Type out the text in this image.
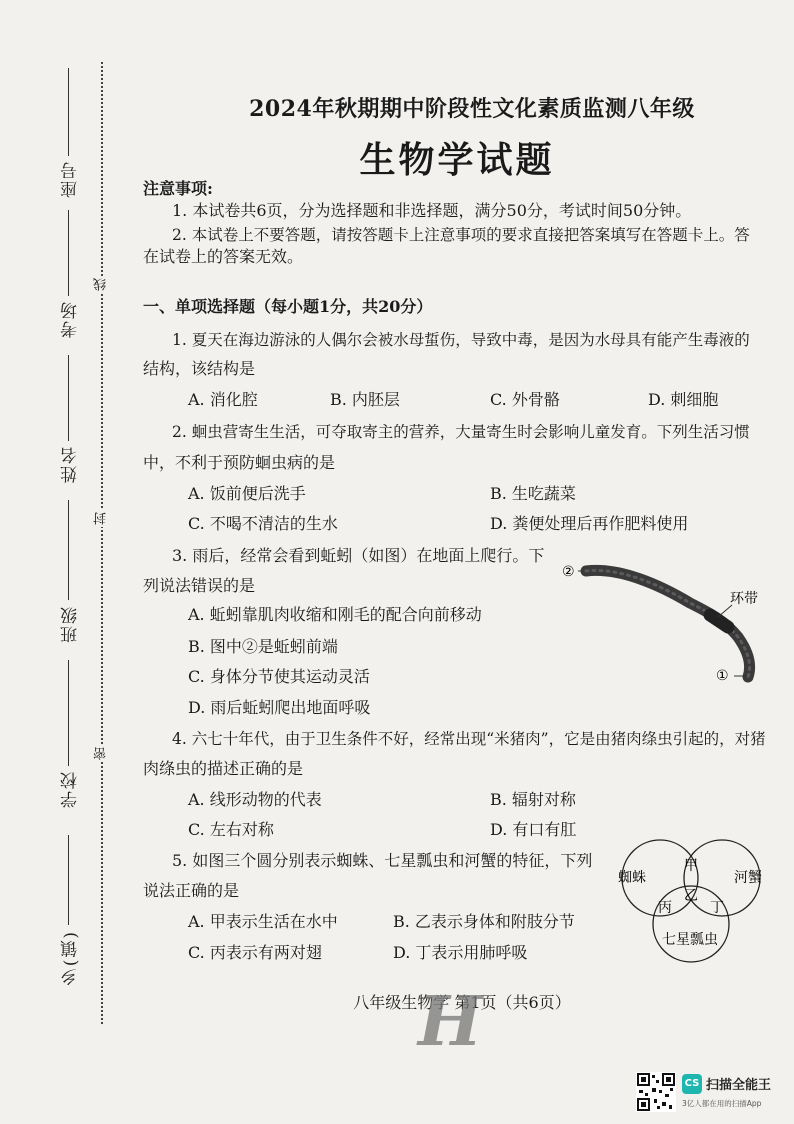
座号
考场
姓名
班级
学校
乡(镇)
线
封
密
2024年秋期期中阶段性文化素质监测八年级
生物学试题
注意事项:
1. 本试卷共6页，分为选择题和非选择题，满分50分，考试时间50分钟。
2. 本试卷上不要答题，请按答题卡上注意事项的要求直接把答案填写在答题卡上。答
在试卷上的答案无效。
一、单项选择题（每小题1分，共20分）
1. 夏天在海边游泳的人偶尔会被水母蜇伤，导致中毒，是因为水母具有能产生毒液的
结构，该结构是
A. 消化腔	B. 内胚层	C. 外骨骼	D. 刺细胞
2. 蛔虫营寄生生活，可夺取寄主的营养，大量寄生时会影响儿童发育。下列生活习惯
中，不利于预防蛔虫病的是
A. 饭前便后洗手	B. 生吃蔬菜
C. 不喝不清洁的生水	D. 粪便处理后再作肥料使用
3. 雨后，经常会看到蚯蚓（如图）在地面上爬行。下
列说法错误的是
A. 蚯蚓靠肌肉收缩和刚毛的配合向前移动
B. 图中②是蚯蚓前端
C. 身体分节使其运动灵活
D. 雨后蚯蚓爬出地面呼吸
②
①
环带
4. 六七十年代，由于卫生条件不好，经常出现“米猪肉”，它是由猪肉绦虫引起的，对猪
肉绦虫的描述正确的是
A. 线形动物的代表	B. 辐射对称
C. 左右对称	D. 有口有肛
5. 如图三个圆分别表示蜘蛛、七星瓢虫和河蟹的特征，下列
说法正确的是
A. 甲表示生活在水中	B. 乙表示身体和附肢分节
C. 丙表示有两对翅	D. 丁表示用肺呼吸
蜘蛛	河蟹
七星瓢虫
甲
乙
丙	丁
八年级生物学 第1页（共6页）
H
CS 扫描全能王
3亿人都在用的扫描App
